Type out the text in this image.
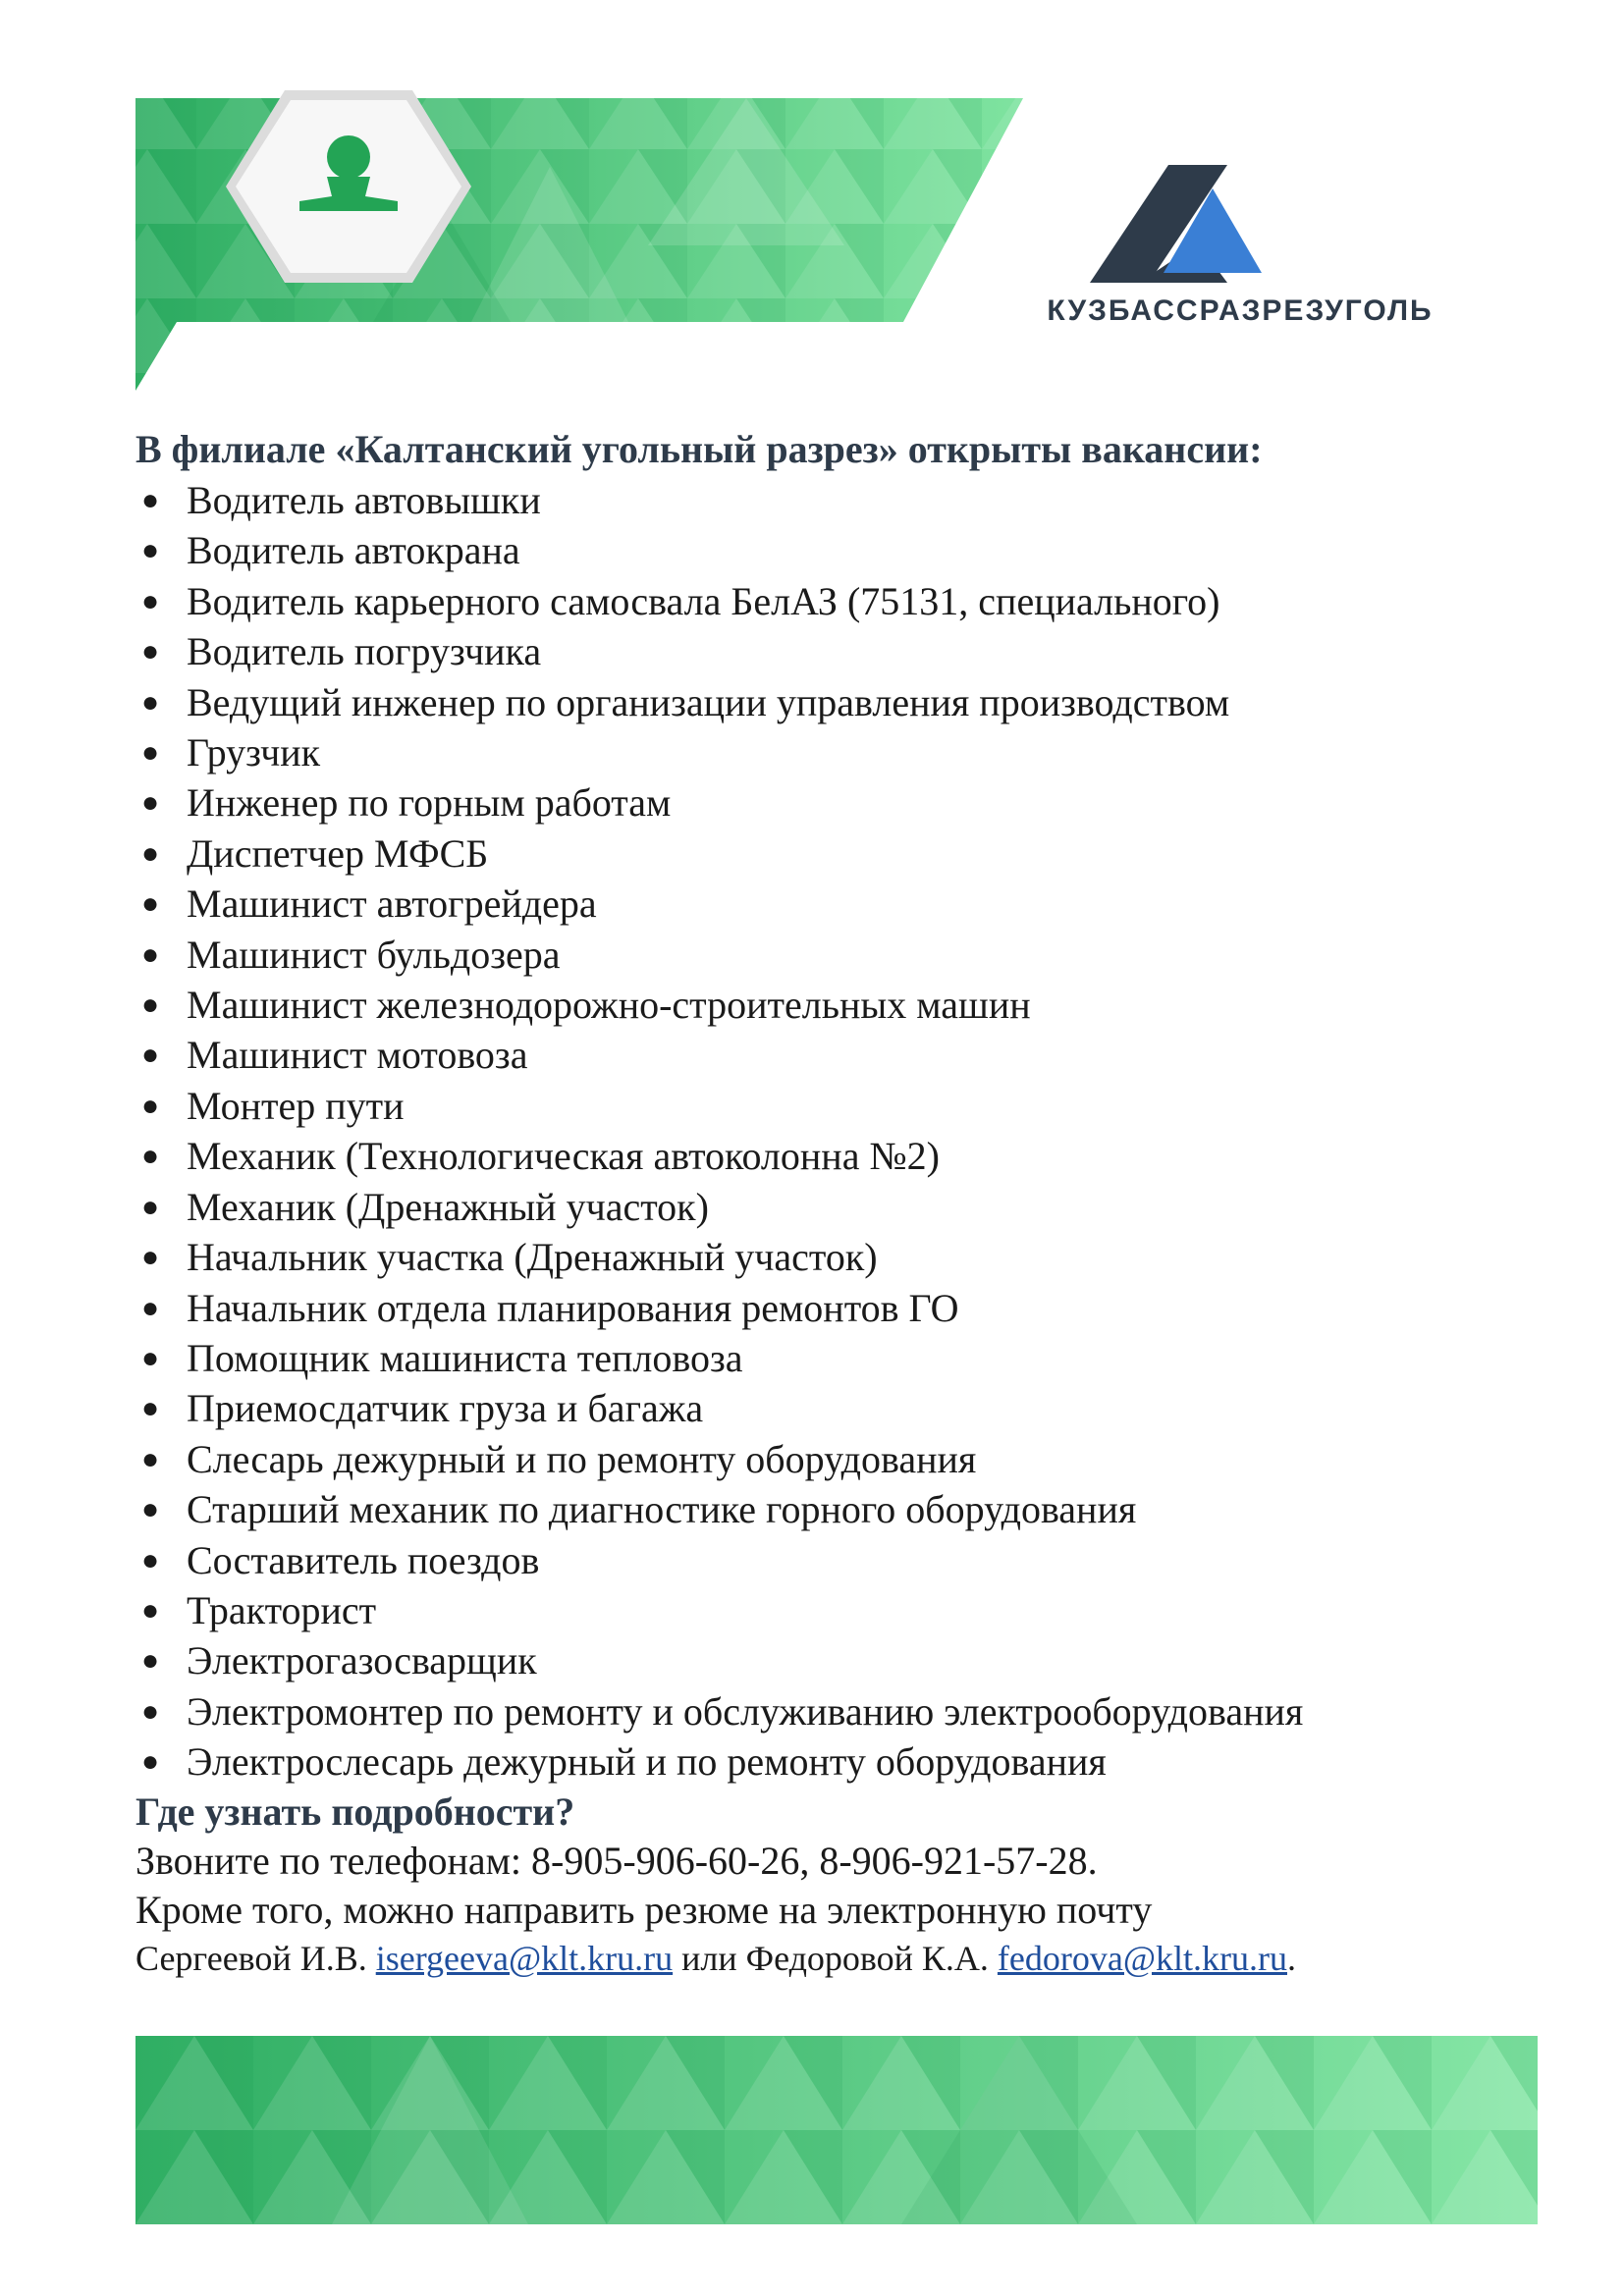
КУЗБАССРАЗРЕЗУГОЛЬ
В филиале «Калтанский угольный разрез» открыты вакансии:
● Водитель автовышки
● Водитель автокрана
● Водитель карьерного самосвала БелАЗ (75131, специального)
● Водитель погрузчика
● Ведущий инженер по организации управления производством
● Грузчик
● Инженер по горным работам
● Диспетчер МФСБ
● Машинист автогрейдера
● Машинист бульдозера
● Машинист железнодорожно-строительных машин
● Машинист мотовоза
● Монтер пути
● Механик (Технологическая автоколонна №2)
● Механик (Дренажный участок)
● Начальник участка (Дренажный участок)
● Начальник отдела планирования ремонтов ГО
● Помощник машиниста тепловоза
● Приемосдатчик груза и багажа
● Слесарь дежурный и по ремонту оборудования
● Старший механик по диагностике горного оборудования
● Составитель поездов
● Тракторист
● Электрогазосварщик
● Электромонтер по ремонту и обслуживанию электрооборудования
● Электрослесарь дежурный и по ремонту оборудования
Где узнать подробности?

Звоните по телефонам: 8-905-906-60-26, 8-906-921-57-28.

Кроме того, можно направить резюме на электронную почту

Сергеевой И.В. isergeeva@klt.kru.ru или Федоровой К.А. fedorova@klt.kru.ru.
